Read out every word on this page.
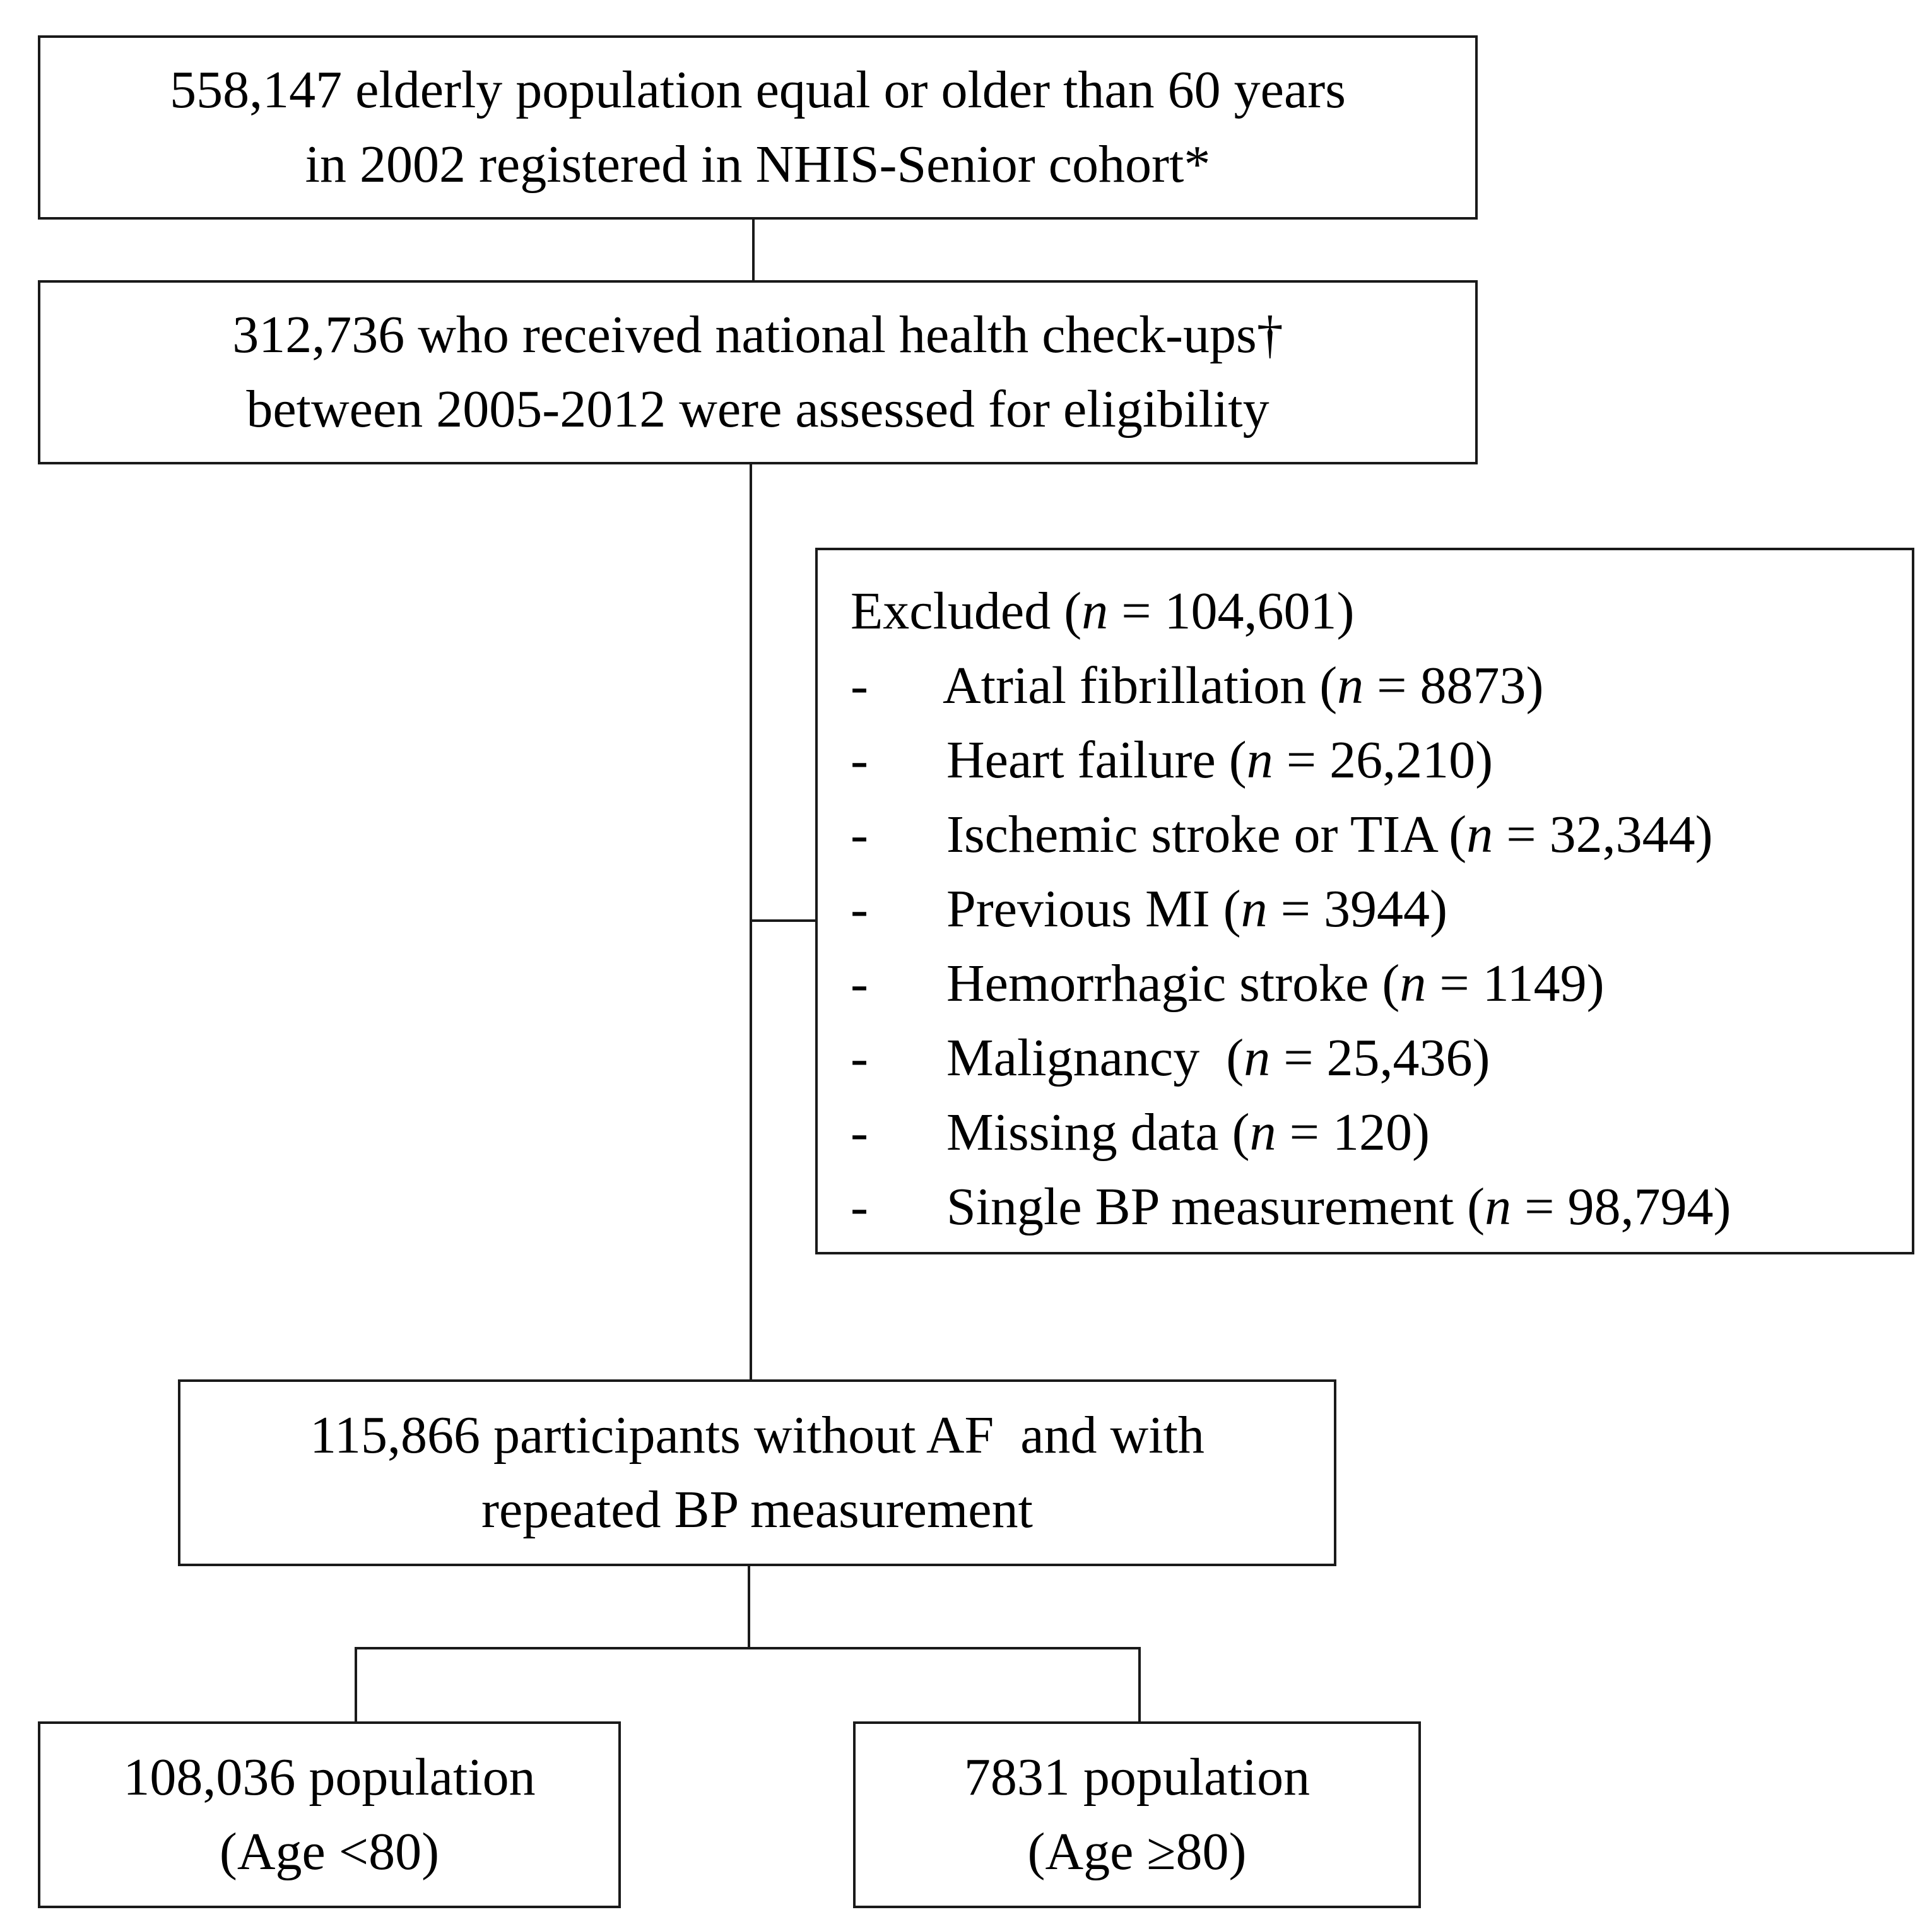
558,147 elderly population equal or older than 60 years
in 2002 registered in NHIS-Senior cohort*
312,736 who received national health check-ups†
between 2005-2012 were assessed for eligibility
Excluded (n = 104,601)
- Atrial fibrillation (n = 8873)
- Heart failure (n = 26,210)
- Ischemic stroke or TIA (n = 32,344)
- Previous MI (n = 3944)
- Hemorrhagic stroke (n = 1149)
- Malignancy  (n = 25,436)
- Missing data (n = 120)
- Single BP measurement (n = 98,794)
115,866 participants without AF  and with
repeated BP measurement
108,036 population
(Age <80)
7831 population
(Age ≥80)
